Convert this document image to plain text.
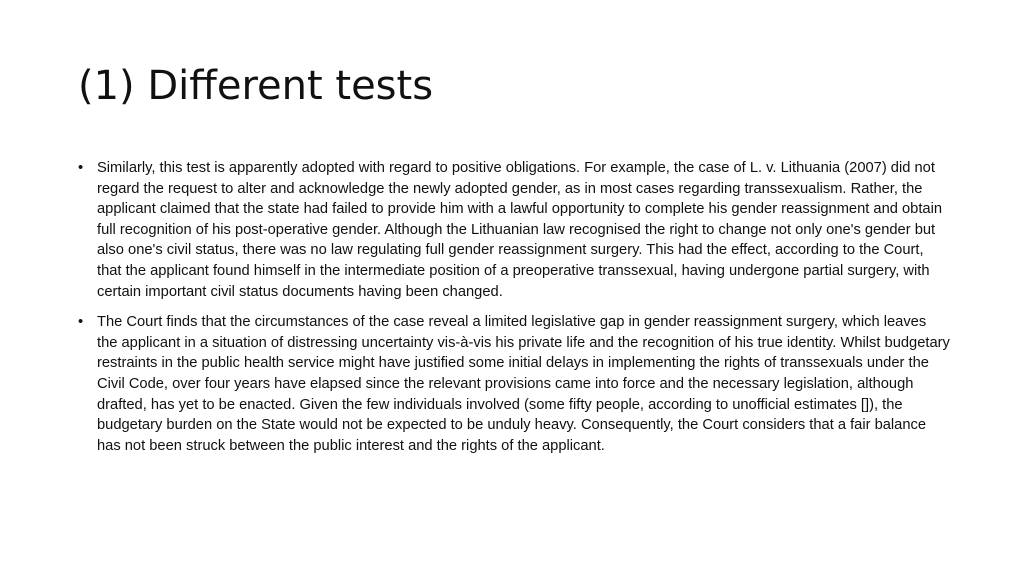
(1) Different tests
• Similarly, this test is apparently adopted with regard to positive obligations. For example, the case of L. v. Lithuania (2007) did not regard the request to alter and acknowledge the newly adopted gender, as in most cases regarding transsexualism. Rather, the applicant claimed that the state had failed to provide him with a lawful opportunity to complete his gender reassignment and obtain full recognition of his post-operative gender. Although the Lithuanian law recognised the right to change not only one's gender but also one's civil status, there was no law regulating full gender reassignment surgery. This had the effect, according to the Court, that the applicant found himself in the intermediate position of a preoperative transsexual, having undergone partial surgery, with certain important civil status documents having been changed.
• The Court finds that the circumstances of the case reveal a limited legislative gap in gender reassignment surgery, which leaves the applicant in a situation of distressing uncertainty vis-à-vis his private life and the recognition of his true identity. Whilst budgetary restraints in the public health service might have justified some initial delays in implementing the rights of transsexuals under the Civil Code, over four years have elapsed since the relevant provisions came into force and the necessary legislation, although drafted, has yet to be enacted. Given the few individuals involved (some fifty people, according to unofficial estimates []), the budgetary burden on the State would not be expected to be unduly heavy. Consequently, the Court considers that a fair balance has not been struck between the public interest and the rights of the applicant.
